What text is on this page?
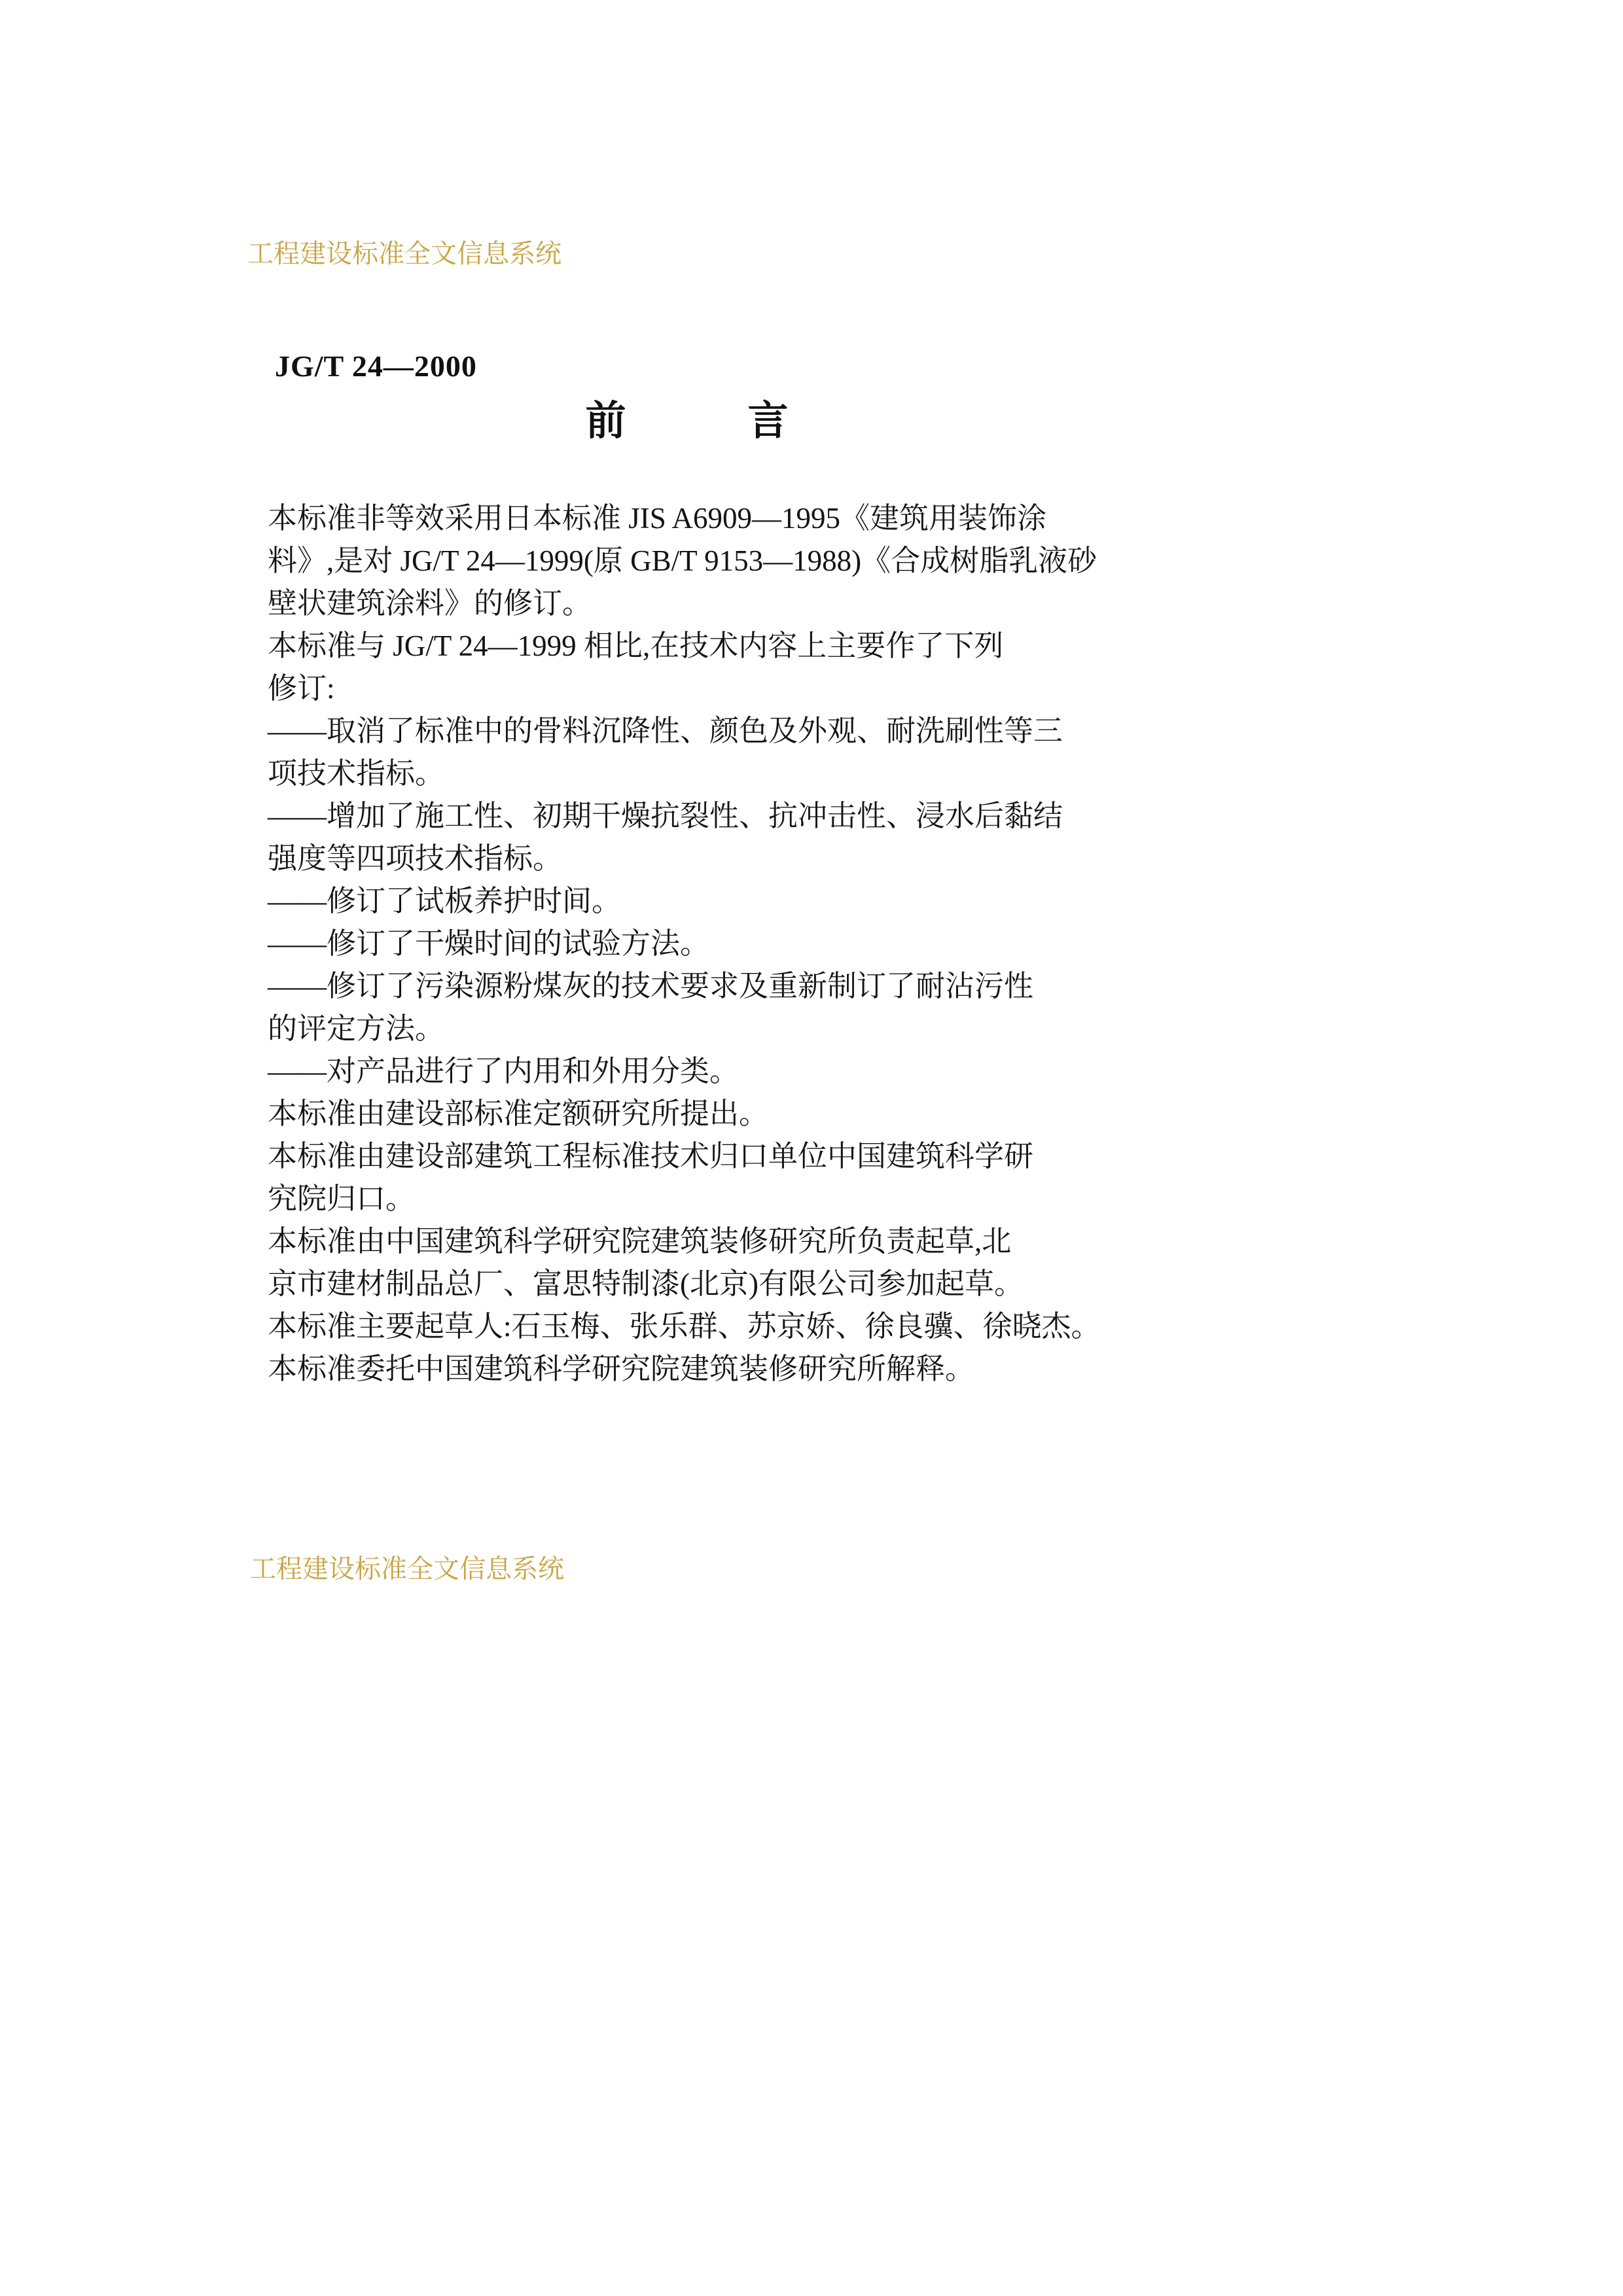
工程建设标准全文信息系统
JG/T 24—2000
前　　　言

本标准非等效采用日本标准 JIS A6909—1995《建筑用装饰涂

料》,是对 JG/T 24—1999(原 GB/T 9153—1988)《合成树脂乳液砂

壁状建筑涂料》的修订。

本标准与 JG/T 24—1999 相比,在技术内容上主要作了下列

修订:

——取消了标准中的骨料沉降性、颜色及外观、耐洗刷性等三

项技术指标。

——增加了施工性、初期干燥抗裂性、抗冲击性、浸水后黏结

强度等四项技术指标。

——修订了试板养护时间。

——修订了干燥时间的试验方法。

——修订了污染源粉煤灰的技术要求及重新制订了耐沾污性

的评定方法。

——对产品进行了内用和外用分类。

本标准由建设部标准定额研究所提出。

本标准由建设部建筑工程标准技术归口单位中国建筑科学研

究院归口。

本标准由中国建筑科学研究院建筑装修研究所负责起草,北

京市建材制品总厂、富思特制漆(北京)有限公司参加起草。

本标准主要起草人:石玉梅、张乐群、苏京娇、徐良骥、徐晓杰。

本标准委托中国建筑科学研究院建筑装修研究所解释。

工程建设标准全文信息系统
